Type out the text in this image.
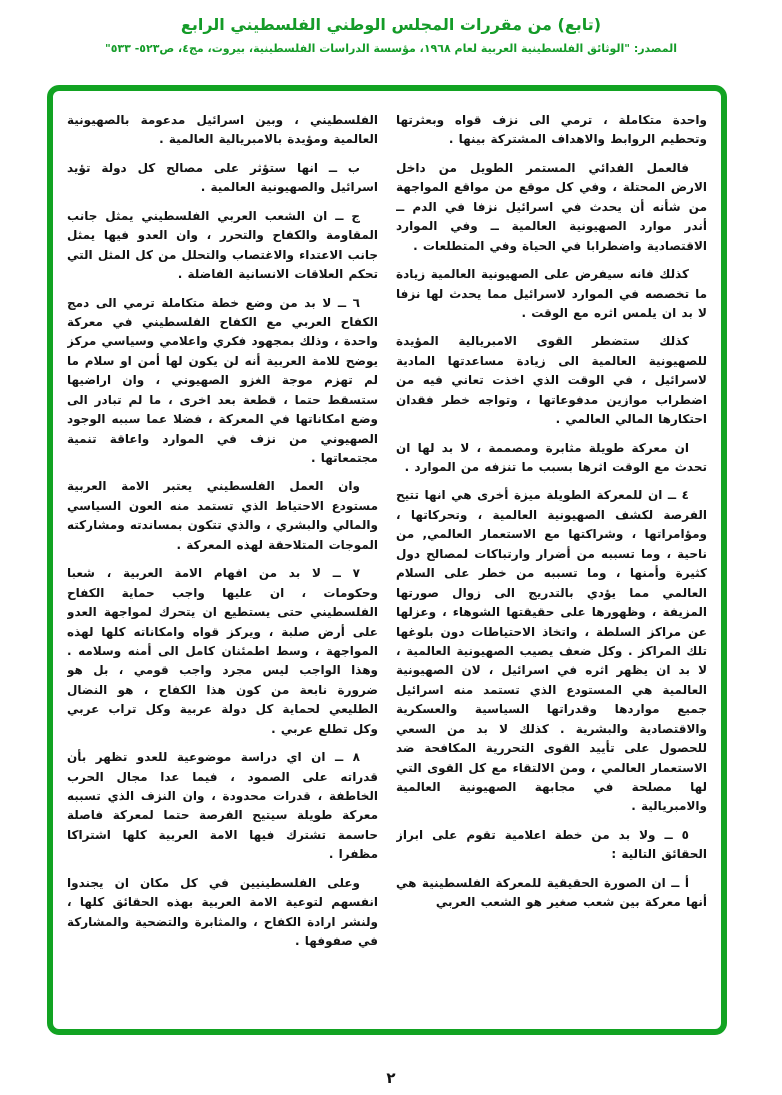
(تابع) من مقررات المجلس الوطني الفلسطيني الرابع
المصدر: "الوثائق الفلسطينية العربية لعام ١٩٦٨، مؤسسة الدراسات الفلسطينية، بيروت، مج٤، ص٥٢٣- ٥٣٣"

واحدة متكاملة ، ترمي الى نزف قواه وبعثرتها وتحطيم الروابط والاهداف المشتركة بينها .

فالعمل الفدائي المستمر الطويل من داخل الارض المحتلة ، وفي كل موقع من مواقع المواجهة من شأنه أن يحدث في اسرائيل نزفا في الدم ــ أندر موارد الصهيونية العالمية ــ وفي الموارد الاقتصادية واضطرابا في الحياة وفي المتطلعات .

كذلك فانه سيفرض على الصهيونية العالمية زيادة ما تخصصه في الموارد لاسرائيل مما يحدث لها نزفا لا بد ان يلمس اثره مع الوقت .

كذلك ستضطر القوى الامبريالية المؤيدة للصهيونية العالمية الى زيادة مساعدتها المادية لاسرائيل ، في الوقت الذي اخذت تعاني فيه من اضطراب موازين مدفوعاتها ، وتواجه خطر فقدان احتكارها المالي العالمي .

ان معركة طويلة مثابرة ومصممة ، لا بد لها ان تحدث مع الوقت اثرها بسبب ما تنزفه من الموارد .

٤ ــ ان للمعركة الطويلة ميزة أخرى هي انها تتيح الفرصة لكشف الصهيونية العالمية ، وتحركاتها ، ومؤامراتها ، وشراكتها مع الاستعمار العالمي, من ناحية ، وما تسببه من أضرار وارتباكات لمصالح دول كثيرة وأمنها ، وما تسببه من خطر على السلام العالمي مما يؤدي بالتدريج الى زوال صورتها المزيفة ، وظهورها على حقيقتها الشوهاء ، وعزلها عن مراكز السلطة ، واتخاذ الاحتياطات دون بلوغها تلك المراكز . وكل ضعف يصيب الصهيونية العالمية ، لا بد ان يظهر اثره في اسرائيل ، لان الصهيونية العالمية هي المستودع الذي تستمد منه اسرائيل جميع مواردها وقدراتها السياسية والعسكرية والاقتصادية والبشرية . كذلك لا بد من السعي للحصول على تأييد القوى التحررية المكافحة ضد الاستعمار العالمي ، ومن الالتقاء مع كل القوى التي لها مصلحة في مجابهة الصهيونية العالمية والامبريالية .

٥ ــ ولا بد من خطة اعلامية تقوم على ابراز الحقائق التالية :

أ ــ ان الصورة الحقيقية للمعركة الفلسطينية هي أنها معركة بين شعب صغير هو الشعب العربي

الفلسطيني ، وبين اسرائيل مدعومة بالصهيونية العالمية ومؤيدة بالامبريالية العالمية .

ب ــ انها ستؤثر على مصالح كل دولة تؤيد اسرائيل والصهيونية العالمية .

ج ــ ان الشعب العربي الفلسطيني يمثل جانب المقاومة والكفاح والتحرر ، وان العدو فيها يمثل جانب الاعتداء والاغتصاب والتحلل من كل المثل التي تحكم العلاقات الانسانية الفاضلة .

٦ ــ لا بد من وضع خطة متكاملة ترمي الى دمج الكفاح العربي مع الكفاح الفلسطيني في معركة واحدة ، وذلك بمجهود فكري واعلامي وسياسي مركز يوضح للامة العربية أنه لن يكون لها أمن او سلام ما لم تهزم موجة الغزو الصهيوني ، وان اراضيها ستسقط حتما ، قطعة بعد اخرى ، ما لم تبادر الى وضع امكاناتها في المعركة ، فضلا عما سببه الوجود الصهيوني من نزف في الموارد واعاقة تنمية مجتمعاتها .

وان العمل الفلسطيني يعتبر الامة العربية مستودع الاحتياط الذي تستمد منه العون السياسي والمالي والبشري ، والذي تتكون بمساندته ومشاركته الموجات المتلاحقة لهذه المعركة .

٧ ــ لا بد من افهام الامة العربية ، شعبا وحكومات ، ان عليها واجب حماية الكفاح الفلسطيني حتى يستطيع ان يتحرك لمواجهة العدو على أرض صلبة ، ويركز قواه وامكاناته كلها لهذه المواجهة ، وسط اطمئنان كامل الى أمنه وسلامه . وهذا الواجب ليس مجرد واجب قومي ، بل هو ضرورة نابعة من كون هذا الكفاح ، هو النضال الطليعي لحماية كل دولة عربية وكل تراب عربي وكل تطلع عربي .

٨ ــ ان اي دراسة موضوعية للعدو تظهر بأن قدراته على الصمود ، فيما عدا مجال الحرب الخاطفة ، قدرات محدودة ، وان النزف الذي تسببه معركة طويلة سيتيح الفرصة حتما لمعركة فاصلة حاسمة تشترك فيها الامة العربية كلها اشتراكا مظفرا .

وعلى الفلسطينيين في كل مكان ان يجندوا انفسهم لتوعية الامة العربية بهذه الحقائق كلها ، ولنشر ارادة الكفاح ، والمثابرة والتضحية والمشاركة في صفوفها .

٢
